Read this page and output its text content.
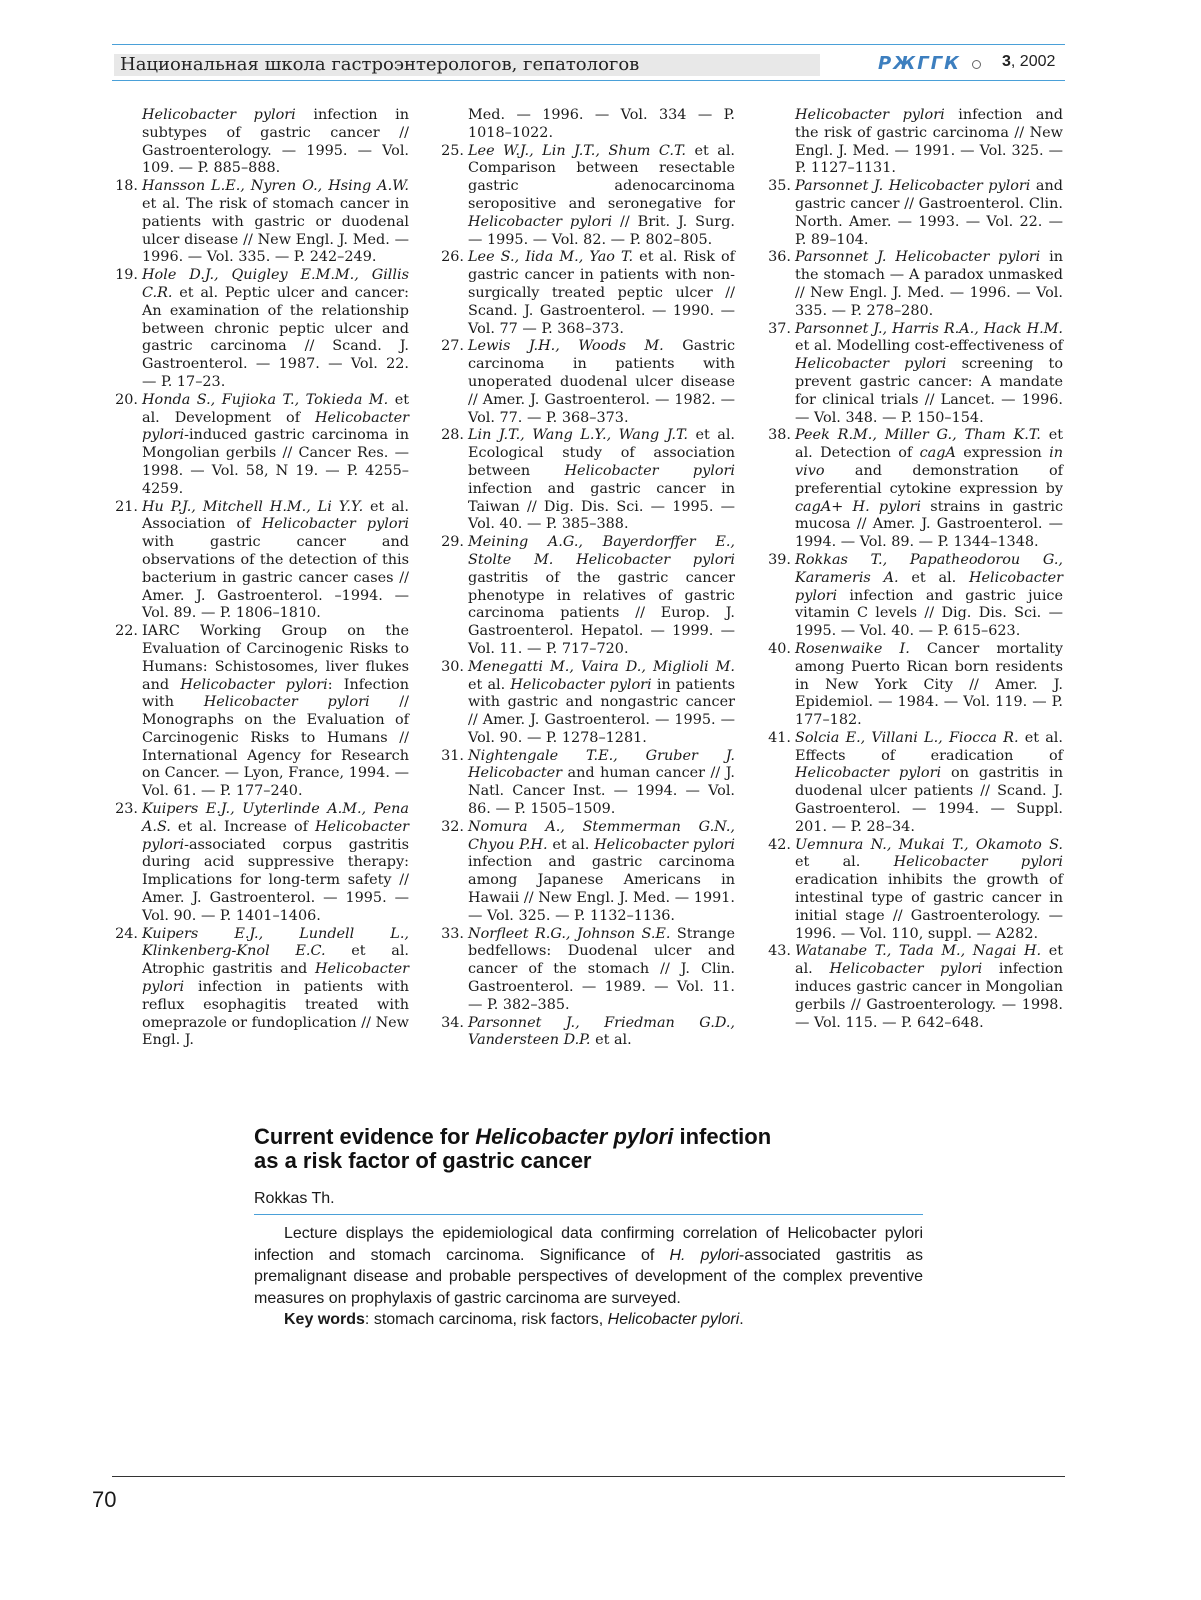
Национальная школа гастроэнтерологов, гепатологов	РЖГГК	3, 2002

Helicobacter pylori infection in subtypes of gastric cancer // Gastroenterology. — 1995. — Vol. 109. — P. 885–888.

18. Hansson L.E., Nyren O., Hsing A.W. et al. The risk of stomach cancer in patients with gastric or duodenal ulcer disease // New Engl. J. Med. — 1996. — Vol. 335. — P. 242–249.

19. Hole D.J., Quigley E.M.M., Gillis C.R. et al. Peptic ulcer and cancer: An examination of the relationship between chronic peptic ulcer and gastric carcinoma // Scand. J. Gastroenterol. — 1987. — Vol. 22. — P. 17–23.

20. Honda S., Fujioka T., Tokieda M. et al. Development of Helicobacter pylori-induced gastric carcinoma in Mongolian gerbils // Cancer Res. — 1998. — Vol. 58, N 19. — P. 4255–4259.

21. Hu P.J., Mitchell H.M., Li Y.Y. et al. Association of Helicobacter pylori with gastric cancer and observations of the detection of this bacterium in gastric cancer cases // Amer. J. Gastroenterol. –1994. — Vol. 89. — P. 1806–1810.

22. IARC Working Group on the Evaluation of Carcinogenic Risks to Humans: Schistosomes, liver flukes and Helicobacter pylori: Infection with Helicobacter pylori // Monographs on the Evaluation of Carcinogenic Risks to Humans // International Agency for Research on Cancer. — Lyon, France, 1994. — Vol. 61. — P. 177–240.

23. Kuipers E.J., Uyterlinde A.M., Pena A.S. et al. Increase of Helicobacter pylori-associated corpus gastritis during acid suppressive therapy: Implications for long-term safety // Amer. J. Gastroenterol. — 1995. — Vol. 90. — P. 1401–1406.

24. Kuipers E.J., Lundell L., Klinkenberg-Knol E.C. et al. Atrophic gastritis and Helicobacter pylori infection in patients with reflux esophagitis treated with omeprazole or fundoplication // New Engl. J.

Med. — 1996. — Vol. 334 — P. 1018–1022.

25. Lee W.J., Lin J.T., Shum C.T. et al. Comparison between resectable gastric adenocarcinoma seropositive and seronegative for Helicobacter pylori // Brit. J. Surg. — 1995. — Vol. 82. — P. 802–805.

26. Lee S., Iida M., Yao T. et al. Risk of gastric cancer in patients with non-surgically treated peptic ulcer // Scand. J. Gastroenterol. — 1990. — Vol. 77 — P. 368–373.

27. Lewis J.H., Woods M. Gastric carcinoma in patients with unoperated duodenal ulcer disease // Amer. J. Gastroenterol. — 1982. — Vol. 77. — P. 368–373.

28. Lin J.T., Wang L.Y., Wang J.T. et al. Ecological study of association between Helicobacter pylori infection and gastric cancer in Taiwan // Dig. Dis. Sci. — 1995. — Vol. 40. — P. 385–388.

29. Meining A.G., Bayerdorffer E., Stolte M. Helicobacter pylori gastritis of the gastric cancer phenotype in relatives of gastric carcinoma patients // Europ. J. Gastroenterol. Hepatol. — 1999. — Vol. 11. — P. 717–720.

30. Menegatti M., Vaira D., Miglioli M. et al. Helicobacter pylori in patients with gastric and nongastric cancer // Amer. J. Gastroenterol. — 1995. — Vol. 90. — P. 1278–1281.

31. Nightengale T.E., Gruber J. Helicobacter and human cancer // J. Natl. Cancer Inst. — 1994. — Vol. 86. — P. 1505–1509.

32. Nomura A., Stemmerman G.N., Chyou P.H. et al. Helicobacter pylori infection and gastric carcinoma among Japanese Americans in Hawaii // New Engl. J. Med. — 1991. — Vol. 325. — P. 1132–1136.

33. Norfleet R.G., Johnson S.E. Strange bedfellows: Duodenal ulcer and cancer of the stomach // J. Clin. Gastroenterol. — 1989. — Vol. 11. — P. 382–385.

34. Parsonnet J., Friedman G.D., Vandersteen D.P. et al.

Helicobacter pylori infection and the risk of gastric carcinoma // New Engl. J. Med. — 1991. — Vol. 325. — P. 1127–1131.

35. Parsonnet J. Helicobacter pylori and gastric cancer // Gastroenterol. Clin. North. Amer. — 1993. — Vol. 22. — P. 89–104.

36. Parsonnet J. Helicobacter pylori in the stomach — A paradox unmasked // New Engl. J. Med. — 1996. — Vol. 335. — P. 278–280.

37. Parsonnet J., Harris R.A., Hack H.M. et al. Modelling cost-effectiveness of Helicobacter pylori screening to prevent gastric cancer: A mandate for clinical trials // Lancet. — 1996. — Vol. 348. — P. 150–154.

38. Peek R.M., Miller G., Tham K.T. et al. Detection of cagA expression in vivo and demonstration of preferential cytokine expression by cagA+ H. pylori strains in gastric mucosa // Amer. J. Gastroenterol. — 1994. — Vol. 89. — P. 1344–1348.

39. Rokkas T., Papatheodorou G., Karameris A. et al. Helicobacter pylori infection and gastric juice vitamin C levels // Dig. Dis. Sci. — 1995. — Vol. 40. — P. 615–623.

40. Rosenwaike I. Cancer mortality among Puerto Rican born residents in New York City // Amer. J. Epidemiol. — 1984. — Vol. 119. — P. 177–182.

41. Solcia E., Villani L., Fiocca R. et al. Effects of eradication of Helicobacter pylori on gastritis in duodenal ulcer patients // Scand. J. Gastroenterol. — 1994. — Suppl. 201. — P. 28–34.

42. Uemnura N., Mukai T., Okamoto S. et al. Helicobacter pylori eradication inhibits the growth of intestinal type of gastric cancer in initial stage // Gastroenterology. — 1996. — Vol. 110, suppl. — A282.

43. Watanabe T., Tada M., Nagai H. et al. Helicobacter pylori infection induces gastric cancer in Mongolian gerbils // Gastroenterology. — 1998. — Vol. 115. — P. 642–648.

Current evidence for Helicobacter pylori infection
as a risk factor of gastric cancer

Rokkas Th.

Lecture displays the epidemiological data confirming correlation of Helicobacter pylori infection and stomach carcinoma. Significance of H. pylori-associated gastritis as premalignant disease and probable perspectives of development of the complex preventive measures on prophylaxis of gastric carcinoma are surveyed.

Key words: stomach carcinoma, risk factors, Helicobacter pylori.

70
